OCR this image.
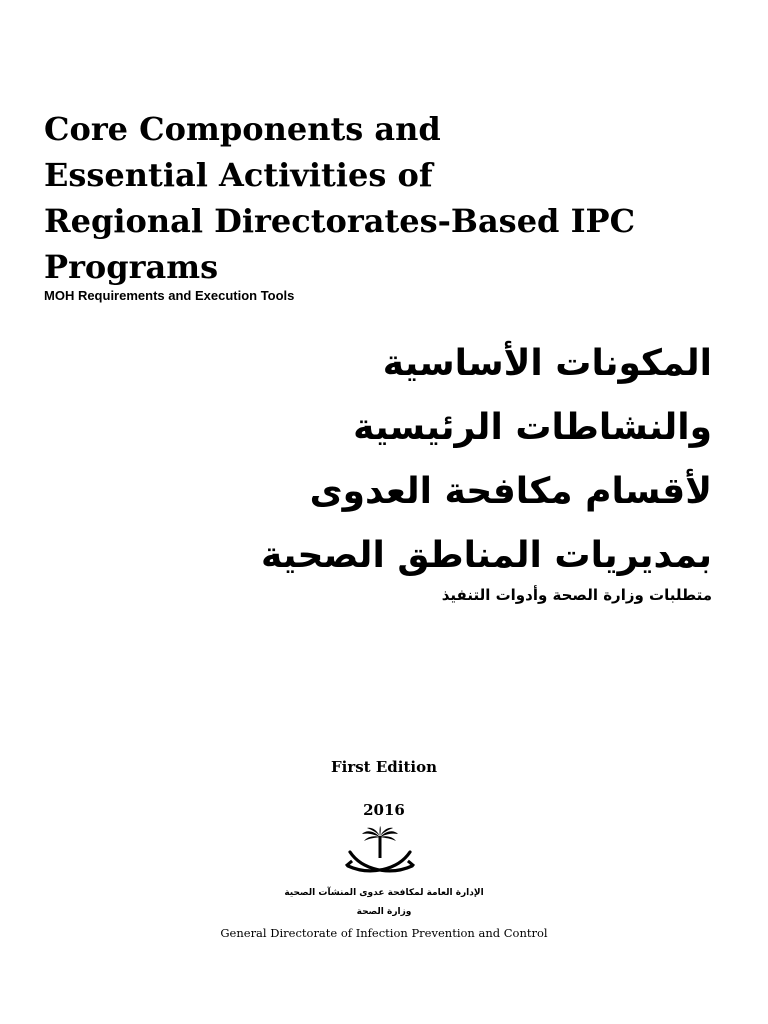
Core Components and
Essential Activities of
Regional Directorates-Based IPC
Programs
MOH Requirements and Execution Tools
المكونات الأساسية
والنشاطات الرئيسية
لأقسام مكافحة العدوى
بمديريات المناطق الصحية
متطلبات وزارة الصحة وأدوات التنفيذ
First Edition
2016
الإدارة العامة لمكافحة عدوى المنشآت الصحية
وزارة الصحة
General Directorate of Infection Prevention and Control
